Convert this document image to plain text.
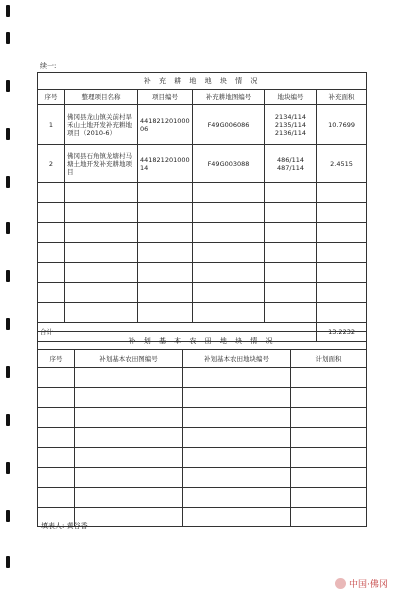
续一:
补 充 耕 地 地 块 情 况					
序号	整理项目名称	项目编号	补充耕地图编号	地块编号	补充面积
1	佛冈县龙山镇关前村旱禾山土地开发补充耕地项目（2010-6）	44182120100006	F49G006086	2134/114 2135/114 2136/114	10.7699
2	佛冈县石角镇龙塘村马塘土地开发补充耕地项目	44182120100014	F49G003088	486/114 487/114	2.4515

合计					13.2232
补 划 基 本 农 田 地 块 情 况			
序号	补划基本农田图编号	补划基本农田地块编号	计划面积

填表人: 黄谷香
中国·佛冈
